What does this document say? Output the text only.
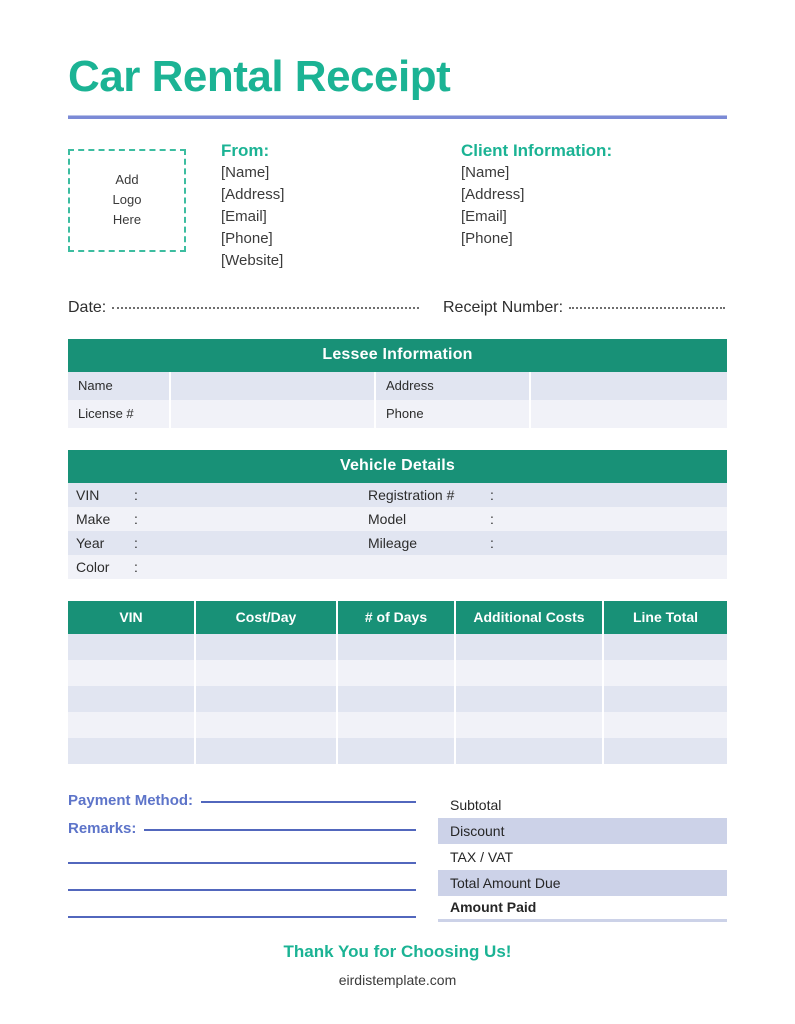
Car Rental Receipt
Add
Logo
Here
From:
[Name]
[Address]
[Email]
[Phone]
[Website]
Client Information:
[Name]
[Address]
[Email]
[Phone]
Date:	Receipt Number:
Lessee Information
Name	Address
License #	Phone
Vehicle Details
VIN	:	Registration #	:
Make	:	Model	:
Year	:	Mileage	:
Color	:
VIN	Cost/Day	# of Days	Additional Costs	Line Total
Payment Method:
Remarks:
Subtotal
Discount
TAX / VAT
Total Amount Due
Amount Paid
Thank You for Choosing Us!
eirdistemplate.com
